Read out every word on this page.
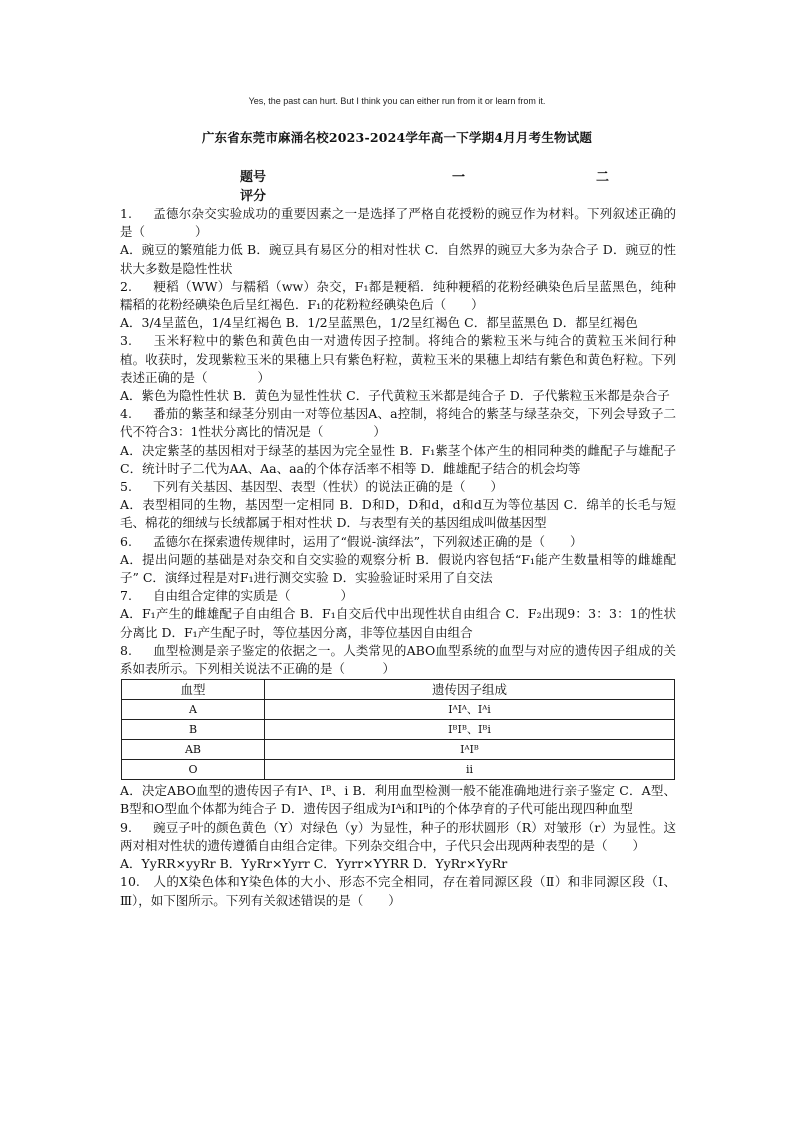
Yes, the past can hurt. But I think you can either run from it or learn from it.
广东省东莞市麻涌名校2023-2024学年高一下学期4月月考生物试题
题号	一	二
评分

1. 孟德尔杂交实验成功的重要因素之一是选择了严格自花授粉的豌豆作为材料。下列叙述正确的是（　　　　）

A．豌豆的繁殖能力低 B．豌豆具有易区分的相对性状 C．自然界的豌豆大多为杂合子 D．豌豆的性状大多数是隐性性状

2. 粳稻（WW）与糯稻（ww）杂交，F₁都是粳稻．纯种粳稻的花粉经碘染色后呈蓝黑色，纯种糯稻的花粉经碘染色后呈红褐色．F₁的花粉粒经碘染色后（　　）

A．3/4呈蓝色，1/4呈红褐色 B．1/2呈蓝黑色，1/2呈红褐色 C．都呈蓝黑色 D．都呈红褐色

3. 玉米籽粒中的紫色和黄色由一对遗传因子控制。将纯合的紫粒玉米与纯合的黄粒玉米间行种植。收获时，发现紫粒玉米的果穗上只有紫色籽粒，黄粒玉米的果穗上却结有紫色和黄色籽粒。下列表述正确的是（　　　　）

A．紫色为隐性性状 B．黄色为显性性状 C．子代黄粒玉米都是纯合子 D．子代紫粒玉米都是杂合子

4. 番茄的紫茎和绿茎分别由一对等位基因A、a控制，将纯合的紫茎与绿茎杂交，下列会导致子二代不符合3：1性状分离比的情况是（　　　　）

A．决定紫茎的基因相对于绿茎的基因为完全显性 B．F₁紫茎个体产生的相同种类的雌配子与雄配子 C．统计时子二代为AA、Aa、aa的个体存活率不相等 D．雌雄配子结合的机会均等

5. 下列有关基因、基因型、表型（性状）的说法正确的是（　　）

A．表型相同的生物，基因型一定相同 B．D和D，D和d，d和d互为等位基因 C．绵羊的长毛与短毛、棉花的细绒与长绒都属于相对性状 D．与表型有关的基因组成叫做基因型

6. 孟德尔在探索遗传规律时，运用了“假说-演绎法”，下列叙述正确的是（　　）

A．提出问题的基础是对杂交和自交实验的观察分析 B．假说内容包括“F₁能产生数量相等的雌雄配子” C．演绎过程是对F₁进行测交实验 D．实验验证时采用了自交法

7. 自由组合定律的实质是（　　　　）

A．F₁产生的雌雄配子自由组合 B．F₁自交后代中出现性状自由组合 C．F₂出现9：3：3：1的性状分离比 D．F₁产生配子时，等位基因分离，非等位基因自由组合

8. 血型检测是亲子鉴定的依据之一。人类常见的ABO血型系统的血型与对应的遗传因子组成的关系如表所示。下列相关说法不正确的是（　　　）

血型	遗传因子组成
A	IᴬIᴬ、Iᴬi
B	IᴮIᴮ、Iᴮi
AB	IᴬIᴮ
O	ii

A．决定ABO血型的遗传因子有Iᴬ、Iᴮ、i B．利用血型检测一般不能准确地进行亲子鉴定 C．A型、B型和O型血个体都为纯合子 D．遗传因子组成为Iᴬi和Iᴮi的个体孕育的子代可能出现四种血型

9. 豌豆子叶的颜色黄色（Y）对绿色（y）为显性，种子的形状圆形（R）对皱形（r）为显性。这两对相对性状的遗传遵循自由组合定律。下列杂交组合中，子代只会出现两种表型的是（　　）

A．YyRR×yyRr B．YyRr×Yyrr C．Yyrr×YYRR D．YyRr×YyRr

10. 人的X染色体和Y染色体的大小、形态不完全相同，存在着同源区段（Ⅱ）和非同源区段（Ⅰ、Ⅲ），如下图所示。下列有关叙述错误的是（　　）
